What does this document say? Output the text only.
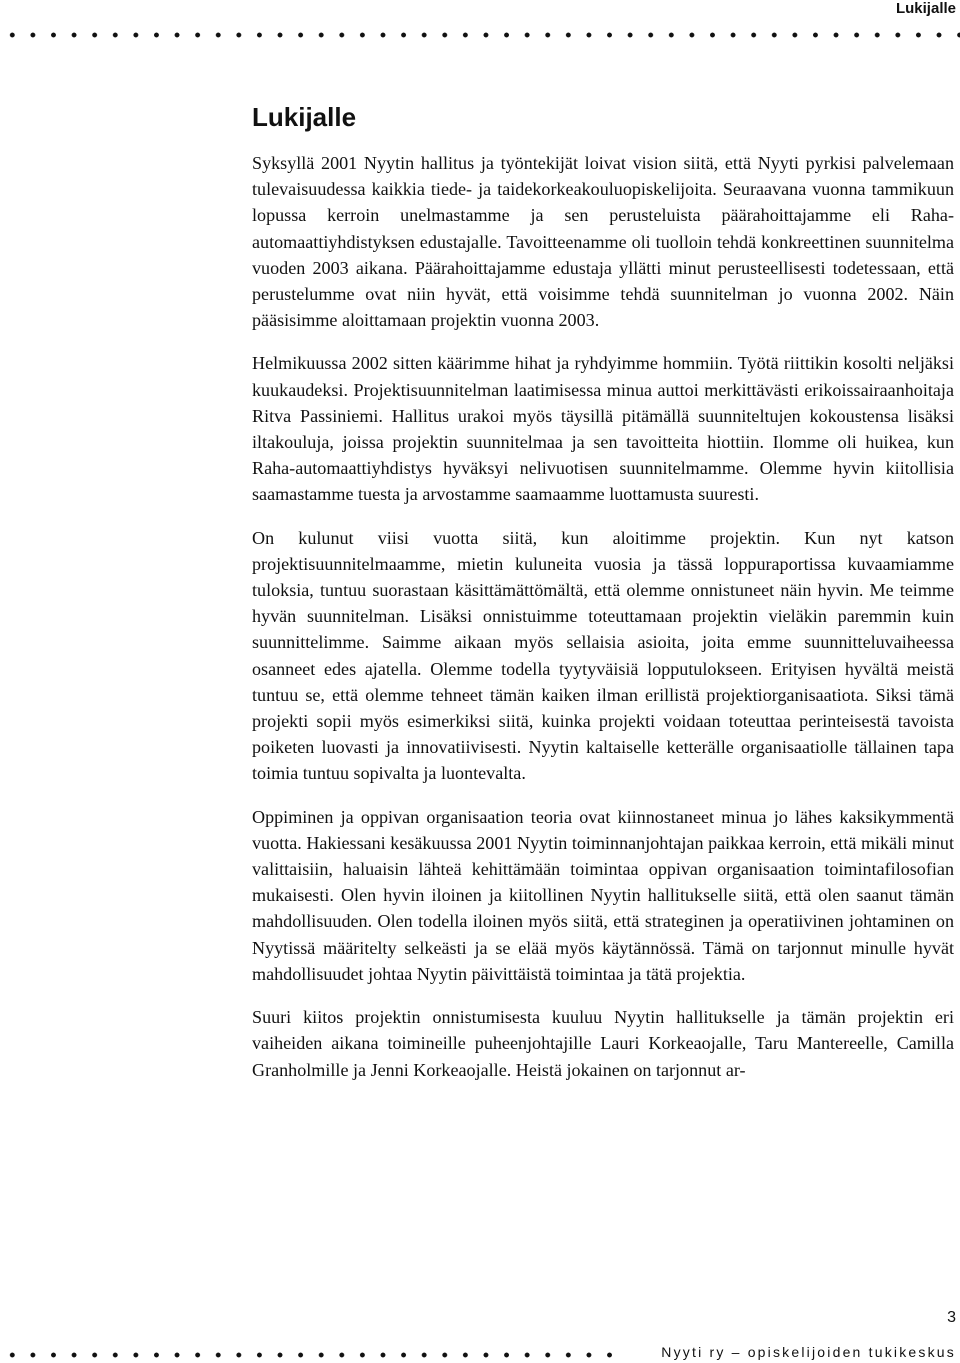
Lukijalle
Lukijalle

Syksyllä 2001 Nyytin hallitus ja työntekijät loivat vision siitä, että Nyyti pyrkisi palvelemaan tulevaisuudessa kaikkia tiede- ja taidekorkeakouluopiskelijoita. Seuraavana vuonna tammikuun lopussa kerroin unelmastamme ja sen perusteluista päärahoittajamme eli Raha-automaattiyhdistyksen edustajalle. Tavoitteenamme oli tuolloin tehdä konkreettinen suunnitelma vuoden 2003 aikana. Päärahoittajamme edustaja yllätti minut perusteellisesti todetessaan, että perustelumme ovat niin hyvät, että voisimme tehdä suunnitelman jo vuonna 2002. Näin pääsisimme aloittamaan projektin vuonna 2003.

Helmikuussa 2002 sitten käärimme hihat ja ryhdyimme hommiin. Työtä riittikin kosolti neljäksi kuukaudeksi. Projektisuunnitelman laatimisessa minua auttoi merkittävästi erikoissairaanhoitaja Ritva Passiniemi. Hallitus urakoi myös täysillä pitämällä suunniteltujen kokoustensa lisäksi iltakouluja, joissa projektin suunnitelmaa ja sen tavoitteita hiottiin. Ilomme oli huikea, kun Raha-automaattiyhdistys hyväksyi nelivuotisen suunnitelmamme. Olemme hyvin kiitollisia saamastamme tuesta ja arvostamme saamaamme luottamusta suuresti.

On kulunut viisi vuotta siitä, kun aloitimme projektin. Kun nyt katson projektisuunnitelmaamme, mietin kuluneita vuosia ja tässä loppuraportissa kuvaamiamme tuloksia, tuntuu suorastaan käsittämättömältä, että olemme onnistuneet näin hyvin. Me teimme hyvän suunnitelman. Lisäksi onnistuimme toteuttamaan projektin vieläkin paremmin kuin suunnittelimme. Saimme aikaan myös sellaisia asioita, joita emme suunnitteluvaiheessa osanneet edes ajatella. Olemme todella tyytyväisiä lopputulokseen. Erityisen hyvältä meistä tuntuu se, että olemme tehneet tämän kaiken ilman erillistä projektiorganisaatiota. Siksi tämä projekti sopii myös esimerkiksi siitä, kuinka projekti voidaan toteuttaa perinteisestä tavoista poiketen luovasti ja innovatiivisesti. Nyytin kaltaiselle ketterälle organisaatiolle tällainen tapa toimia tuntuu sopivalta ja luontevalta.

Oppiminen ja oppivan organisaation teoria ovat kiinnostaneet minua jo lähes kaksikymmentä vuotta. Hakiessani kesäkuussa 2001 Nyytin toiminnanjohtajan paikkaa kerroin, että mikäli minut valittaisiin, haluaisin lähteä kehittämään toimintaa oppivan organisaation toimintafilosofian mukaisesti. Olen hyvin iloinen ja kiitollinen Nyytin hallitukselle siitä, että olen saanut tämän mahdollisuuden. Olen todella iloinen myös siitä, että strateginen ja operatiivinen johtaminen on Nyytissä määritelty selkeästi ja se elää myös käytännössä. Tämä on tarjonnut minulle hyvät mahdollisuudet johtaa Nyytin päivittäistä toimintaa ja tätä projektia.

Suuri kiitos projektin onnistumisesta kuuluu Nyytin hallitukselle ja tämän projektin eri vaiheiden aikana toimineille puheenjohtajille Lauri Korkeaojalle, Taru Mantereelle, Camilla Granholmille ja Jenni Korkeaojalle. Heistä jokainen on tarjonnut ar-

3
Nyyti ry – opiskelijoiden tukikeskus
